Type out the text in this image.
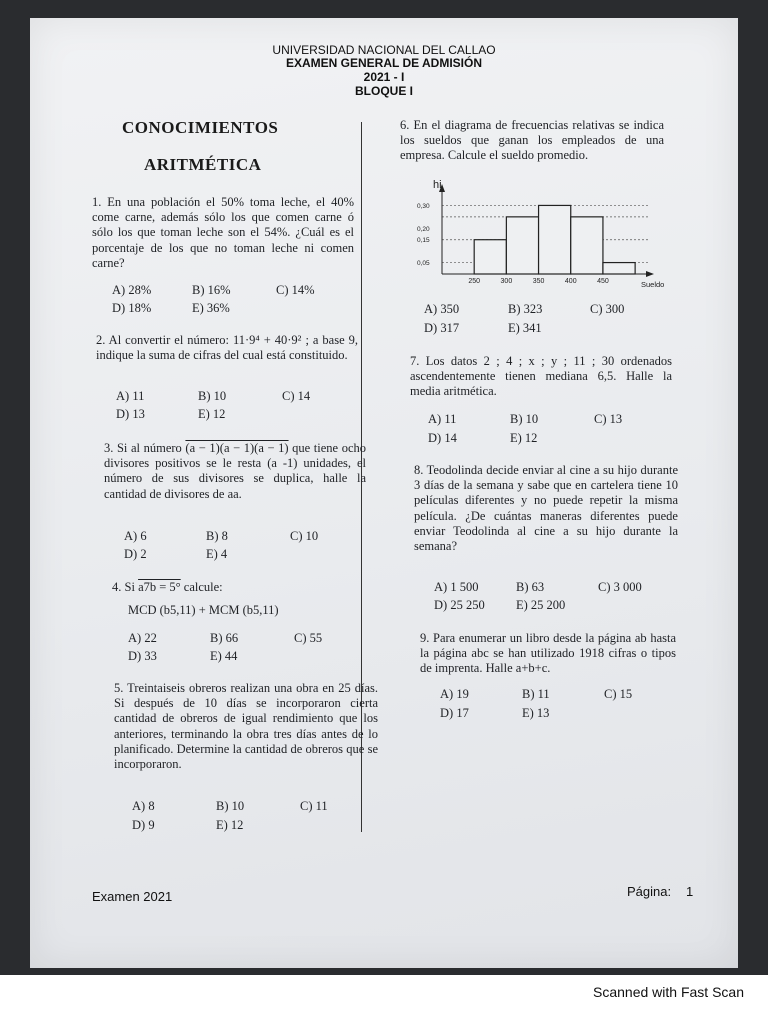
UNIVERSIDAD NACIONAL DEL CALLAO
EXAMEN GENERAL DE ADMISIÓN
2021 - I
BLOQUE I
CONOCIMIENTOS
ARITMÉTICA
1. En una población el 50% toma leche, el 40% come carne, además sólo los que comen carne ó sólo los que toman leche son el 54%. ¿Cuál es el porcentaje de los que no toman leche ni comen carne?
A) 28%	B) 16%	C) 14%
D) 18%	E) 36%
2. Al convertir el número: 11·9⁴ + 40·9² ; a base 9, indique la suma de cifras del cual está constituido.
A) 11	B) 10	C) 14
D) 13	E) 12
3. Si al número (a − 1)(a − 1)(a − 1) que tiene ocho divisores positivos se le resta (a -1) unidades, el número de sus divisores se duplica, halle la cantidad de divisores de aa.
A) 6	B) 8	C) 10
D) 2	E) 4
4. Si a7b = 5° calcule:
MCD (b5,11) + MCM (b5,11)
A) 22	B) 66	C) 55
D) 33	E) 44
5. Treintaiseis obreros realizan una obra en 25 días. Si después de 10 días se incorporaron cierta cantidad de obreros de igual rendimiento que los anteriores, terminando la obra tres días antes de lo planificado. Determine la cantidad de obreros que se incorporaron.
A) 8	B) 10	C) 11
D) 9	E) 12
6. En el diagrama de frecuencias relativas se indica los sueldos que ganan los empleados de una empresa. Calcule el sueldo promedio.
250	300	350	400	450
0,05
0,15
0,20
0,30
hi
Sueldo
A) 350	B) 323	C) 300
D) 317	E) 341
7. Los datos 2 ; 4 ; x ; y ; 11 ; 30 ordenados ascendentemente tienen mediana 6,5. Halle la media aritmética.
A) 11	B) 10	C) 13
D) 14	E) 12
8. Teodolinda decide enviar al cine a su hijo durante 3 días de la semana y sabe que en cartelera tiene 10 películas diferentes y no puede repetir la misma película. ¿De cuántas maneras diferentes puede enviar Teodolinda al cine a su hijo durante la semana?
A) 1 500	B) 63	C) 3 000
D) 25 250	E) 25 200
9. Para enumerar un libro desde la página ab hasta la página abc se han utilizado 1918 cifras o tipos de imprenta. Halle a+b+c.
A) 19	B) 11	C) 15
D) 17	E) 13
Examen 2021	Página: 1
Scanned with Fast Scan
